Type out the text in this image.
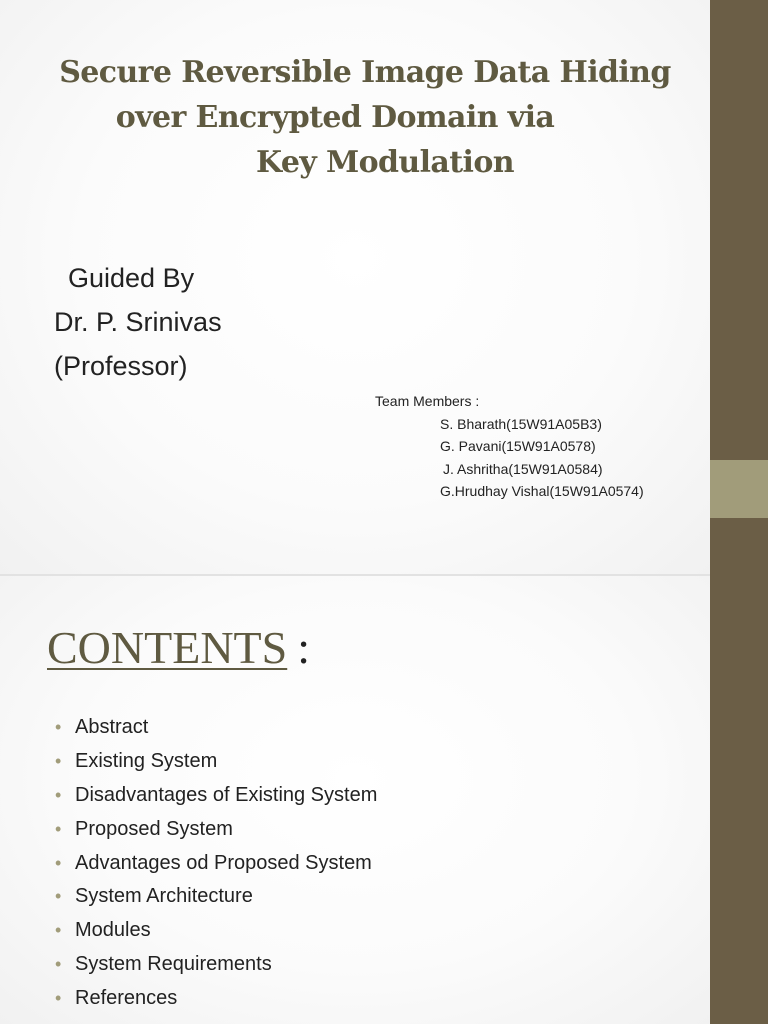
Secure Reversible Image Data Hiding
over Encrypted Domain via
Key Modulation
Guided By
Dr. P. Srinivas
(Professor)
Team Members :
S. Bharath(15W91A05B3)
G. Pavani(15W91A0578)
J. Ashritha(15W91A0584)
G.Hrudhay Vishal(15W91A0574)
CONTENTS :
• Abstract
• Existing System
• Disadvantages of Existing System
• Proposed System
• Advantages od Proposed System
• System Architecture
• Modules
• System Requirements
• References
